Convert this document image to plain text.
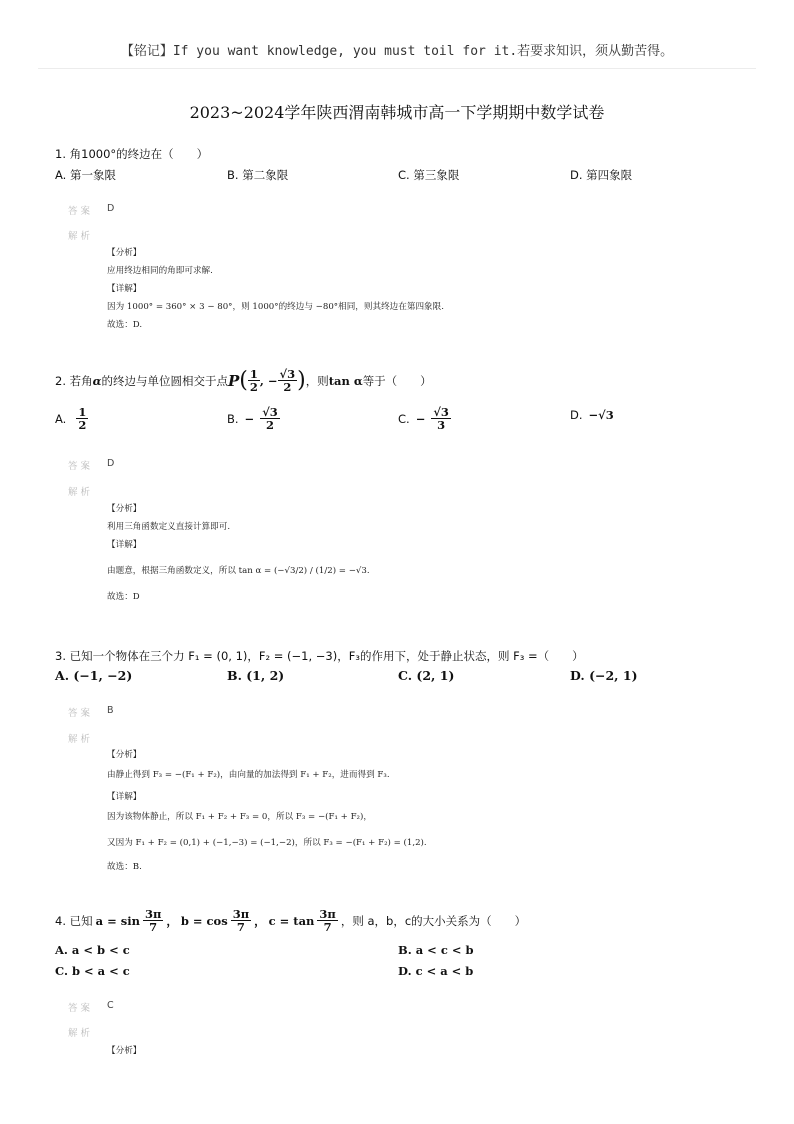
【铭记】If you want knowledge, you must toil for it.若要求知识，须从勤苦得。
2023~2024学年陕西渭南韩城市高一下学期期中数学试卷
1. 角1000°的终边在（　　）
A. 第一象限	B. 第二象限	C. 第三象限	D. 第四象限
答案 D
解析
【分析】
应用终边相同的角即可求解.
【详解】
因为 1000° = 360° × 3 − 80°，则 1000°的终边与 −80°相同，则其终边在第四象限.
故选：D.
2. 若角 α 的终边与单位圆相交于点 P ( $\frac{1}{2}$ , − $\frac{√3}{2}$ ) ，则 tan α 等于（　　）
A. $\frac{1}{2}$	B. − $\frac{√3}{2}$	C. − $\frac{√3}{3}$	D. −√3
答案 D
解析
【分析】
利用三角函数定义直接计算即可.
【详解】
由题意，根据三角函数定义，所以 tan α = (−√3/2) / (1/2) = −√3.
故选：D
3. 已知一个物体在三个力 F₁ = (0, 1)，F₂ = (−1, −3)，F₃的作用下，处于静止状态，则 F₃ =（　　）
A. (−1, −2)	B. (1, 2)	C. (2, 1)	D. (−2, 1)
答案 B
解析
【分析】
由静止得到 F₃ = −(F₁ + F₂)，由向量的加法得到 F₁ + F₂，进而得到 F₃.
【详解】
因为该物体静止，所以 F₁ + F₂ + F₃ = 0，所以 F₃ = −(F₁ + F₂)，
又因为 F₁ + F₂ = (0,1) + (−1,−3) = (−1,−2)，所以 F₃ = −(F₁ + F₂) = (1,2).
故选：B.
4. 已知 $a = \sin \frac{3\pi}{7}$ ， $b = \cos \frac{3\pi}{7}$ ， $c = \tan \frac{3\pi}{7}$ ，则 a，b，c的大小关系为（　　）
A. a < b < c	B. a < c < b
C. b < a < c	D. c < a < b
答案 C
解析
【分析】
